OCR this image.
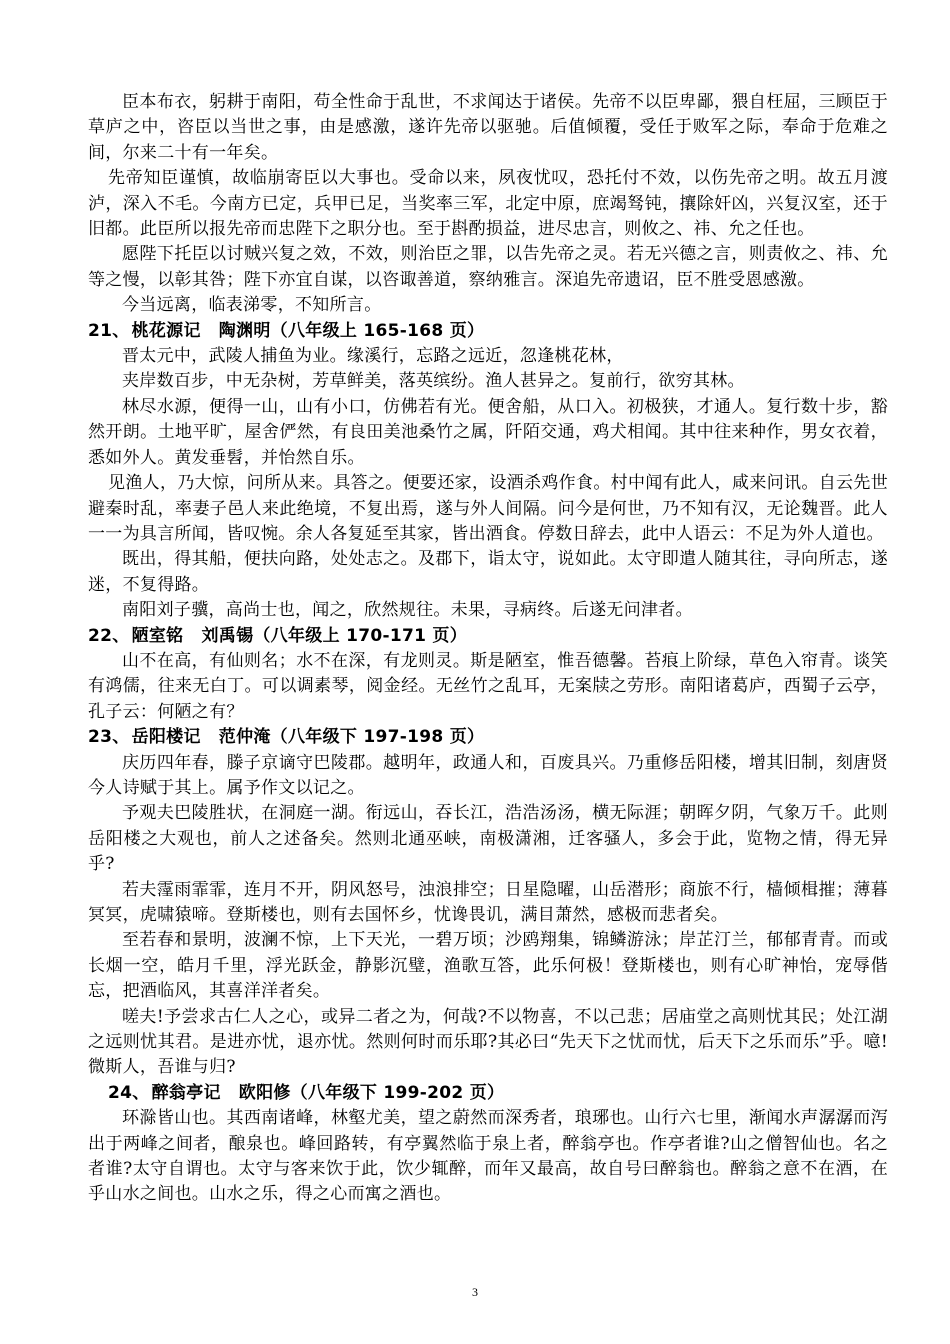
臣本布衣，躬耕于南阳，苟全性命于乱世，不求闻达于诸侯。先帝不以臣卑鄙，猥自枉屈，三顾臣于草庐之中，咨臣以当世之事，由是感激，遂许先帝以驱驰。后值倾覆，受任于败军之际，奉命于危难之间，尔来二十有一年矣。

先帝知臣谨慎，故临崩寄臣以大事也。受命以来，夙夜忧叹，恐托付不效，以伤先帝之明。故五月渡泸，深入不毛。今南方已定，兵甲已足，当奖率三军，北定中原，庶竭驽钝，攘除奸凶，兴复汉室，还于旧都。此臣所以报先帝而忠陛下之职分也。至于斟酌损益，进尽忠言，则攸之、祎、允之任也。

愿陛下托臣以讨贼兴复之效，不效，则治臣之罪，以告先帝之灵。若无兴德之言，则责攸之、祎、允等之慢，以彰其咎；陛下亦宜自谋，以咨诹善道，察纳雅言。深追先帝遗诏，臣不胜受恩感激。

今当远离，临表涕零，不知所言。

21、 桃花源记 陶渊明（八年级上 165-168 页）

晋太元中，武陵人捕鱼为业。缘溪行，忘路之远近，忽逢桃花林，

夹岸数百步，中无杂树，芳草鲜美，落英缤纷。渔人甚异之。复前行，欲穷其林。

林尽水源，便得一山，山有小口，仿佛若有光。便舍船，从口入。初极狭，才通人。复行数十步，豁然开朗。土地平旷，屋舍俨然，有良田美池桑竹之属，阡陌交通，鸡犬相闻。其中往来种作，男女衣着，悉如外人。黄发垂髫，并怡然自乐。

见渔人，乃大惊，问所从来。具答之。便要还家，设酒杀鸡作食。村中闻有此人，咸来问讯。自云先世避秦时乱，率妻子邑人来此绝境，不复出焉，遂与外人间隔。问今是何世，乃不知有汉，无论魏晋。此人一一为具言所闻，皆叹惋。余人各复延至其家，皆出酒食。停数日辞去，此中人语云：不足为外人道也。

既出，得其船，便扶向路，处处志之。及郡下，诣太守，说如此。太守即遣人随其往，寻向所志，遂迷，不复得路。

南阳刘子骥，高尚士也，闻之，欣然规往。未果，寻病终。后遂无问津者。

22、 陋室铭 刘禹锡（八年级上 170-171 页）

山不在高，有仙则名；水不在深，有龙则灵。斯是陋室，惟吾德馨。苔痕上阶绿，草色入帘青。谈笑有鸿儒，往来无白丁。可以调素琴，阅金经。无丝竹之乱耳，无案牍之劳形。南阳诸葛庐，西蜀子云亭，孔子云：何陋之有？

23、 岳阳楼记 范仲淹（八年级下 197-198 页）

庆历四年春，滕子京谪守巴陵郡。越明年，政通人和，百废具兴。乃重修岳阳楼，增其旧制，刻唐贤今人诗赋于其上。属予作文以记之。

予观夫巴陵胜状，在洞庭一湖。衔远山，吞长江，浩浩汤汤，横无际涯；朝晖夕阴，气象万千。此则岳阳楼之大观也，前人之述备矣。然则北通巫峡，南极潇湘，迁客骚人，多会于此，览物之情，得无异乎?

若夫霪雨霏霏，连月不开，阴风怒号，浊浪排空；日星隐曜，山岳潜形；商旅不行，樯倾楫摧；薄暮冥冥，虎啸猿啼。登斯楼也，则有去国怀乡，忧谗畏讥，满目萧然，感极而悲者矣。

至若春和景明，波澜不惊，上下天光，一碧万顷；沙鸥翔集，锦鳞游泳；岸芷汀兰，郁郁青青。而或长烟一空，皓月千里，浮光跃金，静影沉璧，渔歌互答，此乐何极！登斯楼也，则有心旷神怡，宠辱偕忘，把酒临风，其喜洋洋者矣。

嗟夫!予尝求古仁人之心，或异二者之为，何哉?不以物喜，不以己悲；居庙堂之高则忧其民；处江湖之远则忧其君。是进亦忧，退亦忧。然则何时而乐耶?其必曰“先天下之忧而忧，后天下之乐而乐”乎。噫!微斯人，吾谁与归?

24、 醉翁亭记 欧阳修（八年级下 199-202 页）

环滁皆山也。其西南诸峰，林壑尤美，望之蔚然而深秀者，琅琊也。山行六七里，渐闻水声潺潺而泻出于两峰之间者，酿泉也。峰回路转，有亭翼然临于泉上者，醉翁亭也。作亭者谁?山之僧智仙也。名之者谁?太守自谓也。太守与客来饮于此，饮少辄醉，而年又最高，故自号曰醉翁也。醉翁之意不在酒，在乎山水之间也。山水之乐，得之心而寓之酒也。

3
